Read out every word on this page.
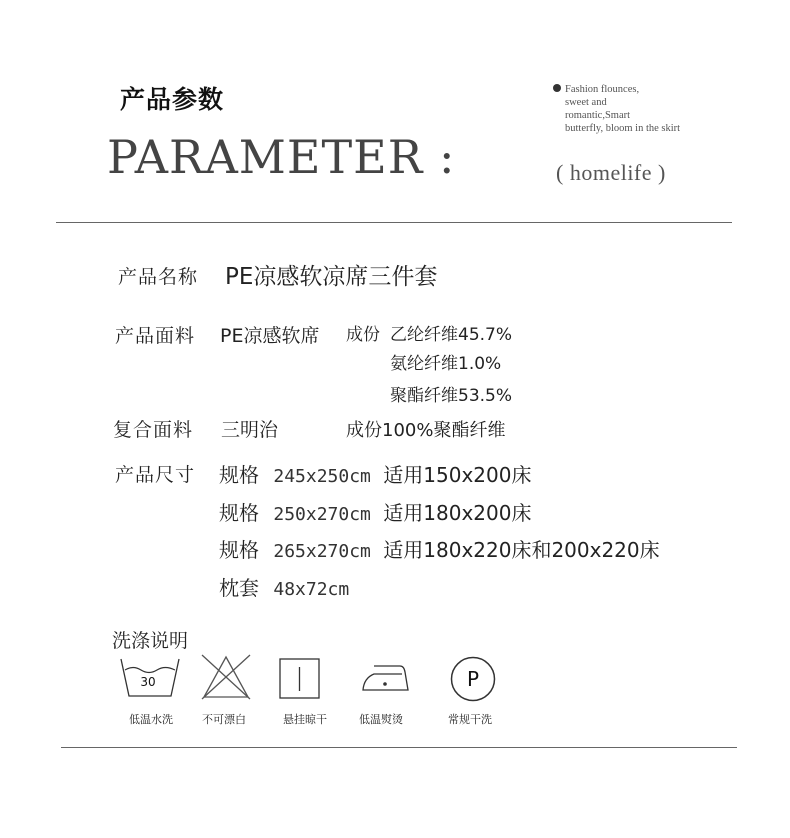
产品参数
PARAMETER :
Fashion flounces,
sweet and
romantic,Smart
butterfly, bloom in the skirt
( homelife )
产品名称 PE凉感软凉席三件套
产品面料 PE凉感软席 成份 乙纶纤维45.7%
氨纶纤维1.0%
聚酯纤维53.5%
复合面料 三明治	成份100%聚酯纤维
产品尺寸 规格 245x250cm 适用150x200床
规格 250x270cm 适用180x200床
规格 265x270cm 适用180x220床和200x220床
枕套 48x72cm
洗涤说明
30
低温水洗	不可漂白	悬挂晾干	低温熨烫
P
常规干洗
